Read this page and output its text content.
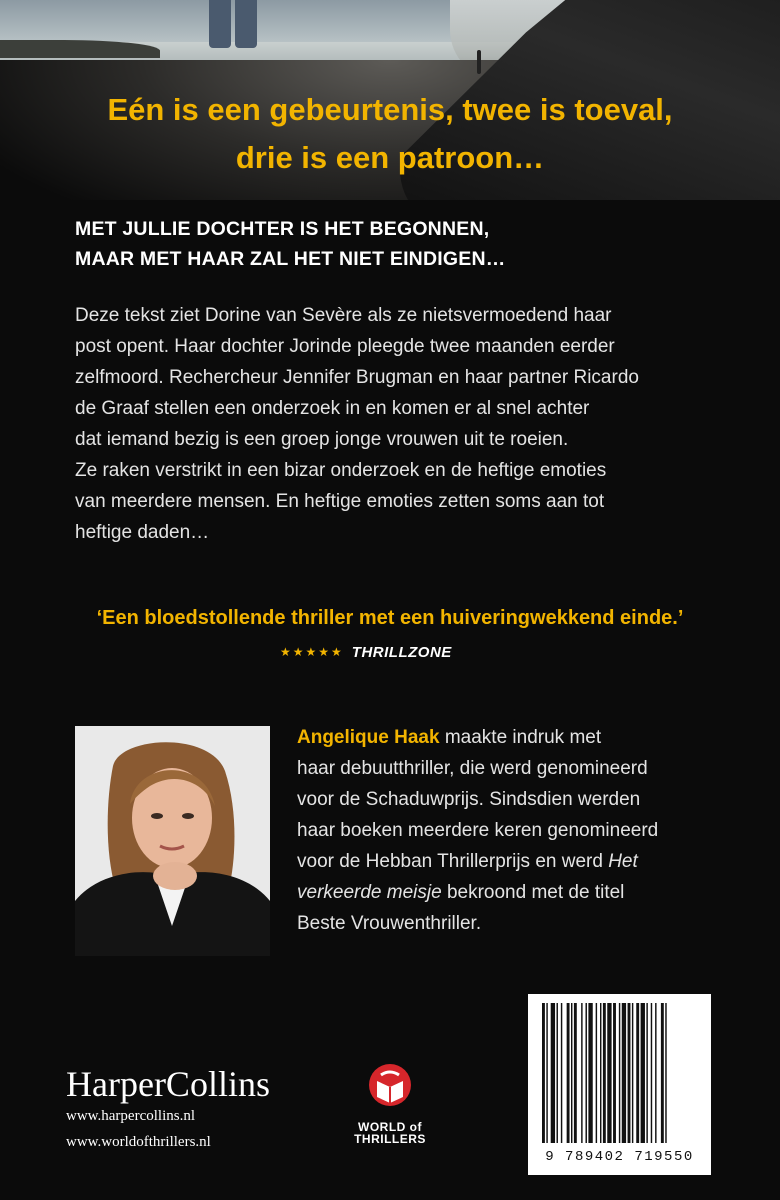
Eén is een gebeurtenis, twee is toeval,
drie is een patroon…
MET JULLIE DOCHTER IS HET BEGONNEN,
MAAR MET HAAR ZAL HET NIET EINDIGEN…
Deze tekst ziet Dorine van Sevère als ze nietsvermoedend haar
post opent. Haar dochter Jorinde pleegde twee maanden eerder
zelfmoord. Rechercheur Jennifer Brugman en haar partner Ricardo
de Graaf stellen een onderzoek in en komen er al snel achter
dat iemand bezig is een groep jonge vrouwen uit te roeien.
Ze raken verstrikt in een bizar onderzoek en de heftige emoties
van meerdere mensen. En heftige emoties zetten soms aan tot
heftige daden…
‘Een bloedstollende thriller met een huiveringwekkend einde.’
★★★★★ THRILLZONE
Angelique Haak maakte indruk met
haar debuutthriller, die werd genomineerd
voor de Schaduwprijs. Sindsdien werden
haar boeken meerdere keren genomineerd
voor de Hebban Thrillerprijs en werd Het
verkeerde meisje bekroond met de titel
Beste Vrouwenthriller.
HarperCollins
www.harpercollins.nl
www.worldofthrillers.nl
WORLD of
THRILLERS
9 789402 719550
